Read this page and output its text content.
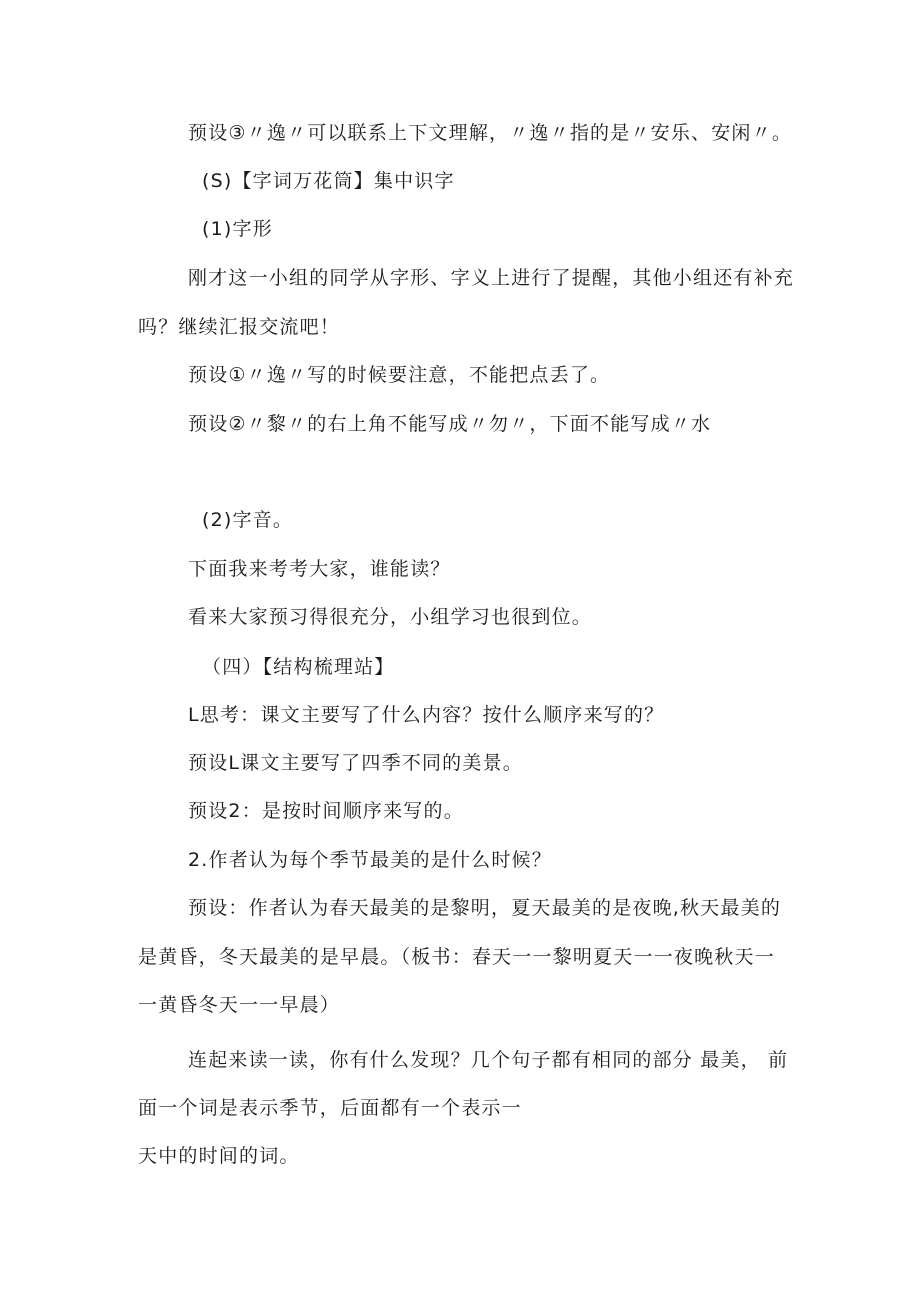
预设③〃逸〃可以联系上下文理解，〃逸〃指的是〃安乐、安闲〃。
(S)【字词万花筒】集中识字
(1)字形
刚才这一小组的同学从字形、字义上进行了提醒，其他小组还有补充
吗？继续汇报交流吧！
预设①〃逸〃写的时候要注意，不能把点丢了。
预设②〃黎〃的右上角不能写成〃勿〃，下面不能写成〃水
(2)字音。
下面我来考考大家，谁能读？
看来大家预习得很充分，小组学习也很到位。
（四）【结构梳理站】
L思考：课文主要写了什么内容？按什么顺序来写的？
预设L课文主要写了四季不同的美景。
预设2：是按时间顺序来写的。
2.作者认为每个季节最美的是什么时候？
预设：作者认为春天最美的是黎明，夏天最美的是夜晚,秋天最美的
是黄昏，冬天最美的是早晨。（板书：春天一一黎明夏天一一夜晚秋天一
一黄昏冬天一一早晨）
连起来读一读，你有什么发现？几个句子都有相同的部分 最美， 前
面一个词是表示季节，后面都有一个表示一
天中的时间的词。
